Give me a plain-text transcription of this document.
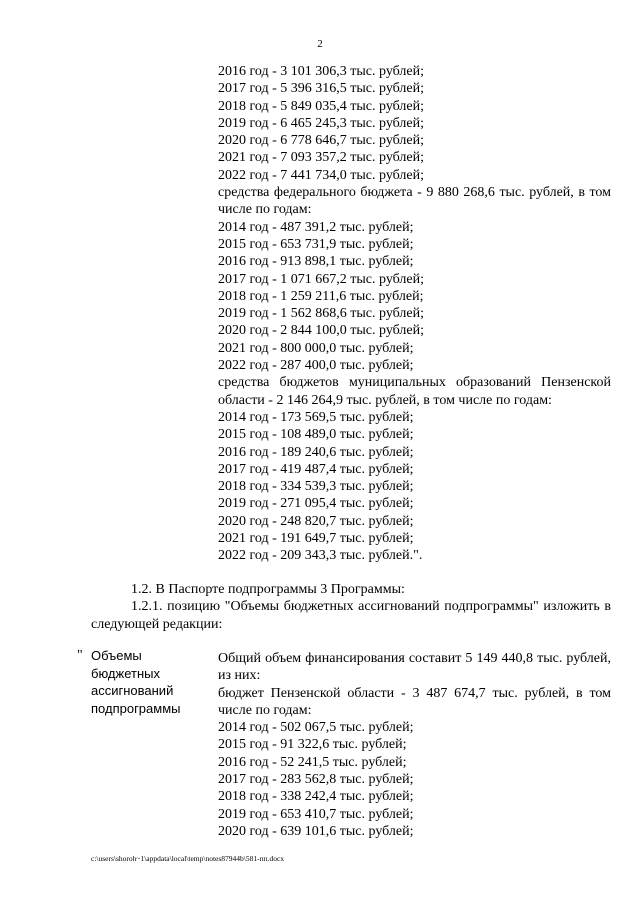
2
2016 год - 3 101 306,3 тыс. рублей;
2017 год - 5 396 316,5 тыс. рублей;
2018 год - 5 849 035,4 тыс. рублей;
2019 год - 6 465 245,3 тыс. рублей;
2020 год - 6 778 646,7 тыс. рублей;
2021 год - 7 093 357,2 тыс. рублей;
2022 год - 7 441 734,0 тыс. рублей;
средства федерального бюджета - 9 880 268,6 тыс. рублей, в том числе по годам:
2014 год - 487 391,2 тыс. рублей;
2015 год - 653 731,9 тыс. рублей;
2016 год - 913 898,1 тыс. рублей;
2017 год - 1 071 667,2 тыс. рублей;
2018 год - 1 259 211,6 тыс. рублей;
2019 год - 1 562 868,6 тыс. рублей;
2020 год - 2 844 100,0 тыс. рублей;
2021 год - 800 000,0 тыс. рублей;
2022 год - 287 400,0 тыс. рублей;
средства бюджетов муниципальных образований Пензенской области - 2 146 264,9 тыс. рублей, в том числе по годам:
2014 год - 173 569,5 тыс. рублей;
2015 год - 108 489,0 тыс. рублей;
2016 год - 189 240,6 тыс. рублей;
2017 год - 419 487,4 тыс. рублей;
2018 год - 334 539,3 тыс. рублей;
2019 год - 271 095,4 тыс. рублей;
2020 год - 248 820,7 тыс. рублей;
2021 год - 191 649,7 тыс. рублей;
2022 год - 209 343,3 тыс. рублей.".
1.2. В Паспорте подпрограммы 3 Программы:
1.2.1. позицию "Объемы бюджетных ассигнований подпрограммы" изложить в следующей редакции:
" Объемы бюджетных ассигнований подпрограммы
Общий объем финансирования составит 5 149 440,8 тыс. рублей, из них:
бюджет Пензенской области - 3 487 674,7 тыс. рублей, в том числе по годам:
2014 год - 502 067,5 тыс. рублей;
2015 год - 91 322,6 тыс. рублей;
2016 год - 52 241,5 тыс. рублей;
2017 год - 283 562,8 тыс. рублей;
2018 год - 338 242,4 тыс. рублей;
2019 год - 653 410,7 тыс. рублей;
2020 год - 639 101,6 тыс. рублей;
c:\users\shoroh~1\appdata\local\temp\notes87944b\581-пп.docx
